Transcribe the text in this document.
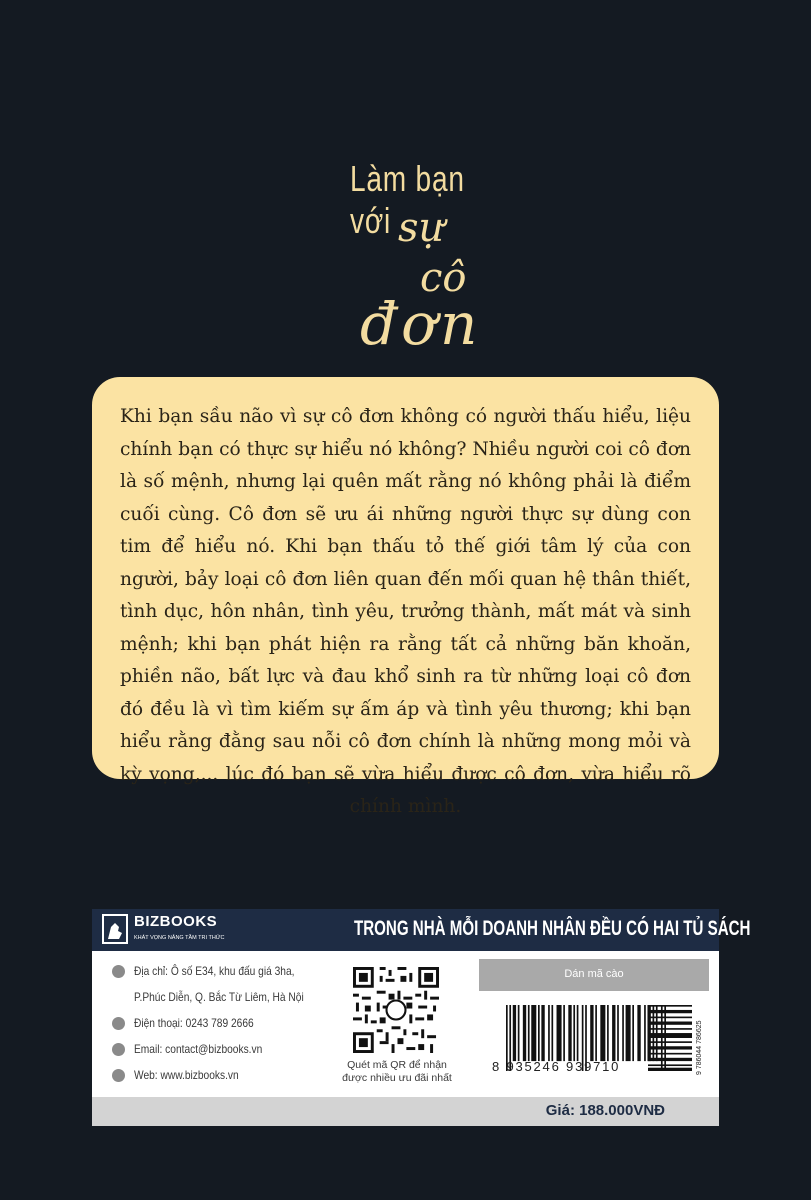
Làm bạn với sự
cô
đơn

Khi bạn sầu não vì sự cô đơn không có người thấu hiểu, liệu chính bạn có thực sự hiểu nó không? Nhiều người coi cô đơn là số mệnh, nhưng lại quên mất rằng nó không phải là điểm cuối cùng. Cô đơn sẽ ưu ái những người thực sự dùng con tim để hiểu nó. Khi bạn thấu tỏ thế giới tâm lý của con người, bảy loại cô đơn liên quan đến mối quan hệ thân thiết, tình dục, hôn nhân, tình yêu, trưởng thành, mất mát và sinh mệnh; khi bạn phát hiện ra rằng tất cả những băn khoăn, phiền não, bất lực và đau khổ sinh ra từ những loại cô đơn đó đều là vì tìm kiếm sự ấm áp và tình yêu thương; khi bạn hiểu rằng đằng sau nỗi cô đơn chính là những mong mỏi và kỳ vọng,... lúc đó bạn sẽ vừa hiểu được cô đơn, vừa hiểu rõ chính mình.

BIZBOOKS
KHÁT VỌNG NÂNG TẦM TRI THỨC	TRONG NHÀ MỖI DOANH NHÂN ĐỀU CÓ HAI TỦ SÁCH
Địa chỉ: Ô số E34, khu đấu giá 3ha,
P.Phúc Diễn, Q. Bắc Từ Liêm, Hà Nội
Điện thoại: 0243 789 2666
Email: contact@bizbooks.vn
Web: www.bizbooks.vn
Quét mã QR để nhận được nhiều ưu đãi nhất
Dán mã cào
8 935246 939710	9 786044 786625
Giá: 188.000VNĐ
